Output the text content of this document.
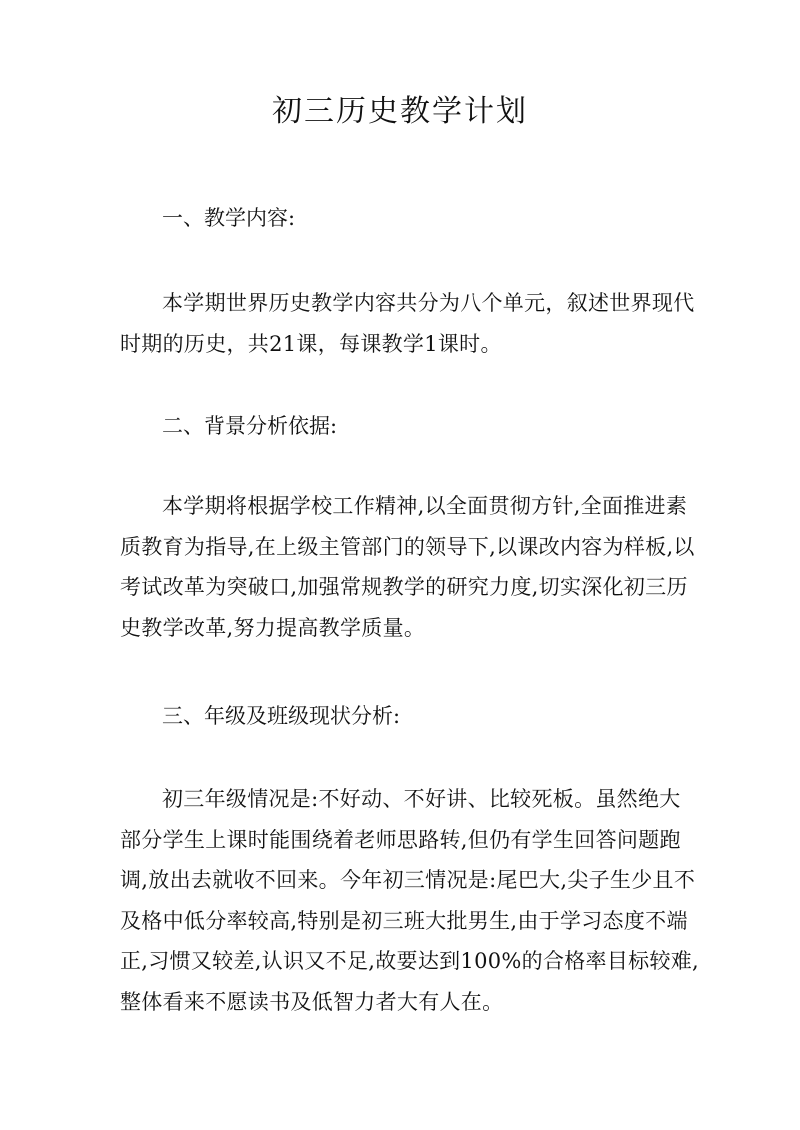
初三历史教学计划
一、教学内容:

本学期世界历史教学内容共分为八个单元，叙述世界现代时期的历史，共21课，每课教学1课时。

二、背景分析依据:

本学期将根据学校工作精神,以全面贯彻方针,全面推进素质教育为指导,在上级主管部门的领导下,以课改内容为样板,以考试改革为突破口,加强常规教学的研究力度,切实深化初三历史教学改革,努力提高教学质量。

三、年级及班级现状分析:

初三年级情况是:不好动、不好讲、比较死板。虽然绝大部分学生上课时能围绕着老师思路转,但仍有学生回答问题跑调,放出去就收不回来。今年初三情况是:尾巴大,尖子生少且不及格中低分率较高,特别是初三班大批男生,由于学习态度不端正,习惯又较差,认识又不足,故要达到100%的合格率目标较难,整体看来不愿读书及低智力者大有人在。
